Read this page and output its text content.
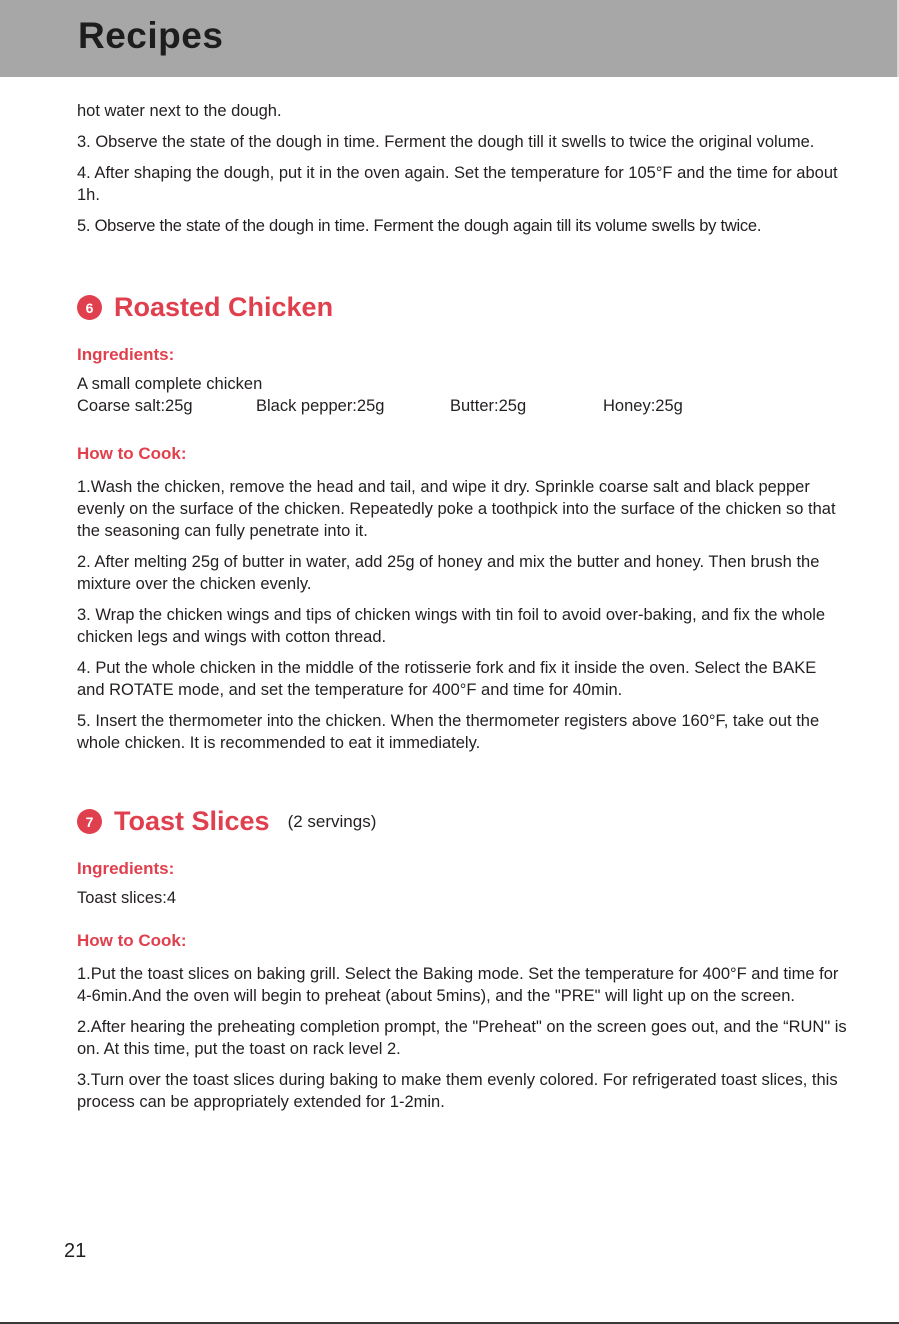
Recipes

hot water next to the dough.

3. Observe the state of the dough in time. Ferment the dough till it swells to twice the original volume.

4. After shaping the dough, put it in the oven again. Set the temperature for 105°F and the time for about 1h.

5. Observe the state of the dough in time. Ferment the dough again till its volume swells by twice.

6 Roasted Chicken

Ingredients:

A small complete chicken

Coarse salt:25g	Black pepper:25g	Butter:25g	Honey:25g

How to Cook:

1.Wash the chicken, remove the head and tail, and wipe it dry. Sprinkle coarse salt and black pepper evenly on the surface of the chicken. Repeatedly poke a toothpick into the surface of the chicken so that the seasoning can fully penetrate into it.

2. After melting 25g of butter in water, add 25g of honey and mix the butter and honey. Then brush the mixture over the chicken evenly.

3. Wrap the chicken wings and tips of chicken wings with tin foil to avoid over-baking, and fix the whole chicken legs and wings with cotton thread.

4. Put the whole chicken in the middle of the rotisserie fork and fix it inside the oven. Select the BAKE and ROTATE mode, and set the temperature for 400°F and time for 40min.

5. Insert the thermometer into the chicken. When the thermometer registers above 160°F, take out the whole chicken. It is recommended to eat it immediately.

7 Toast Slices (2 servings)

Ingredients:

Toast slices:4

How to Cook:

1.Put the toast slices on baking grill. Select the Baking mode. Set the temperature for 400°F and time for 4-6min.And the oven will begin to preheat (about 5mins), and the "PRE" will light up on the screen.

2.After hearing the preheating completion prompt, the "Preheat" on the screen goes out, and the “RUN" is on. At this time, put the toast on rack level 2.

3.Turn over the toast slices during baking to make them evenly colored. For refrigerated toast slices, this process can be appropriately extended for 1-2min.

21
